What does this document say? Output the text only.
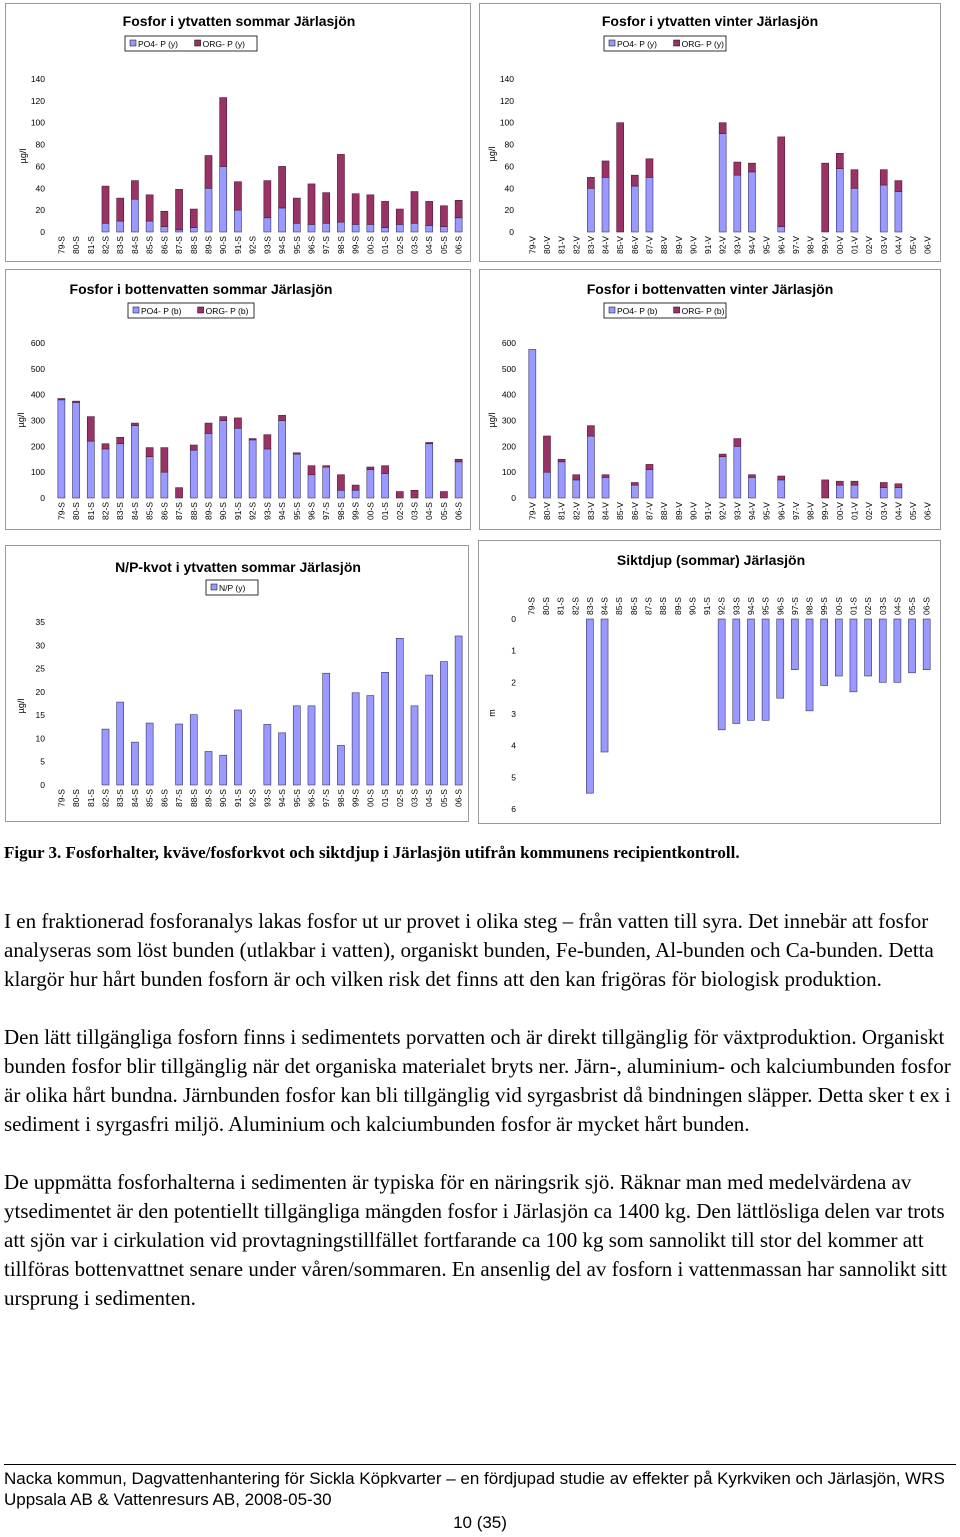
Fosfor i ytvatten sommar Järlasjön
PO4- P (y)	ORG- P (y)
0
20
40
60
80
100
120
140
µg/l
79-S 80-S 81-S 82-S 83-S 84-S 85-S 86-S 87-S 88-S 89-S 90-S 91-S 92-S 93-S 94-S 95-S 96-S 97-S 98-S 99-S 00-S 01-S 02-S 03-S 04-S 05-S 06-S
Fosfor i ytvatten vinter Järlasjön
PO4- P (y)	ORG- P (y)
0
20
40
60
80
100
120
140
µg/l
79-V 80-V 81-V 82-V 83-V 84-V 85-V 86-V 87-V 88-V 89-V 90-V 91-V 92-V 93-V 94-V 95-V 96-V 97-V 98-V 99-V 00-V 01-V 02-V 03-V 04-V 05-V 06-V
Fosfor i bottenvatten sommar Järlasjön
PO4- P (b)	ORG- P (b)
0
100
200
300
400
500
600
µg/l
79-S 80-S 81-S 82-S 83-S 84-S 85-S 86-S 87-S 88-S 89-S 90-S 91-S 92-S 93-S 94-S 95-S 96-S 97-S 98-S 99-S 00-S 01-S 02-S 03-S 04-S 05-S 06-S
Fosfor i bottenvatten vinter Järlasjön
PO4- P (b)	ORG- P (b)
0
100
200
300
400
500
600
µg/l
79-V 80-V 81-V 82-V 83-V 84-V 85-V 86-V 87-V 88-V 89-V 90-V 91-V 92-V 93-V 94-V 95-V 96-V 97-V 98-V 99-V 00-V 01-V 02-V 03-V 04-V 05-V 06-V
N/P-kvot i ytvatten sommar Järlasjön
N/P (y)
0
5
10
15
20
25
30
35
µg/l
79-S 80-S 81-S 82-S 83-S 84-S 85-S 86-S 87-S 88-S 89-S 90-S 91-S 92-S 93-S 94-S 95-S 96-S 97-S 98-S 99-S 00-S 01-S 02-S 03-S 04-S 05-S 06-S
Siktdjup (sommar) Järlasjön
0
1
2
3
4
5
6
m
79-S 80-S 81-S 82-S 83-S 84-S 85-S 86-S 87-S 88-S 89-S 90-S 91-S 92-S 93-S 94-S 95-S 96-S 97-S 98-S 99-S 00-S 01-S 02-S 03-S 04-S 05-S 06-S

Figur 3. Fosforhalter, kväve/fosforkvot och siktdjup i Järlasjön utifrån kommunens recipientkontroll.

I en fraktionerad fosforanalys lakas fosfor ut ur provet i olika steg – från vatten till syra. Det innebär att fosfor analyseras som löst bunden (utlakbar i vatten), organiskt bunden, Fe-bunden, Al-bunden och Ca-bunden. Detta klargör hur hårt bunden fosforn är och vilken risk det finns att den kan frigöras för biologisk produktion.

Den lätt tillgängliga fosforn finns i sedimentets porvatten och är direkt tillgänglig för växtproduktion. Organiskt bunden fosfor blir tillgänglig när det organiska materialet bryts ner. Järn-, aluminium- och kalciumbunden fosfor är olika hårt bundna. Järnbunden fosfor kan bli tillgänglig vid syrgasbrist då bindningen släpper. Detta sker t ex i sediment i syrgasfri miljö. Aluminium och kalciumbunden fosfor är mycket hårt bunden.

De uppmätta fosforhalterna i sedimenten är typiska för en näringsrik sjö. Räknar man med medelvärdena av ytsedimentet är den potentiellt tillgängliga mängden fosfor i Järlasjön ca 1400 kg. Den lättlösliga delen var trots att sjön var i cirkulation vid provtagningstillfället fortfarande ca 100 kg som sannolikt till stor del kommer att tillföras bottenvattnet senare under våren/sommaren. En ansenlig del av fosforn i vattenmassan har sannolikt sitt ursprung i sedimenten.

Nacka kommun, Dagvattenhantering för Sickla Köpkvarter – en fördjupad studie av effekter på Kyrkviken och Järlasjön, WRS Uppsala AB & Vattenresurs AB, 2008-05-30
10 (35)
